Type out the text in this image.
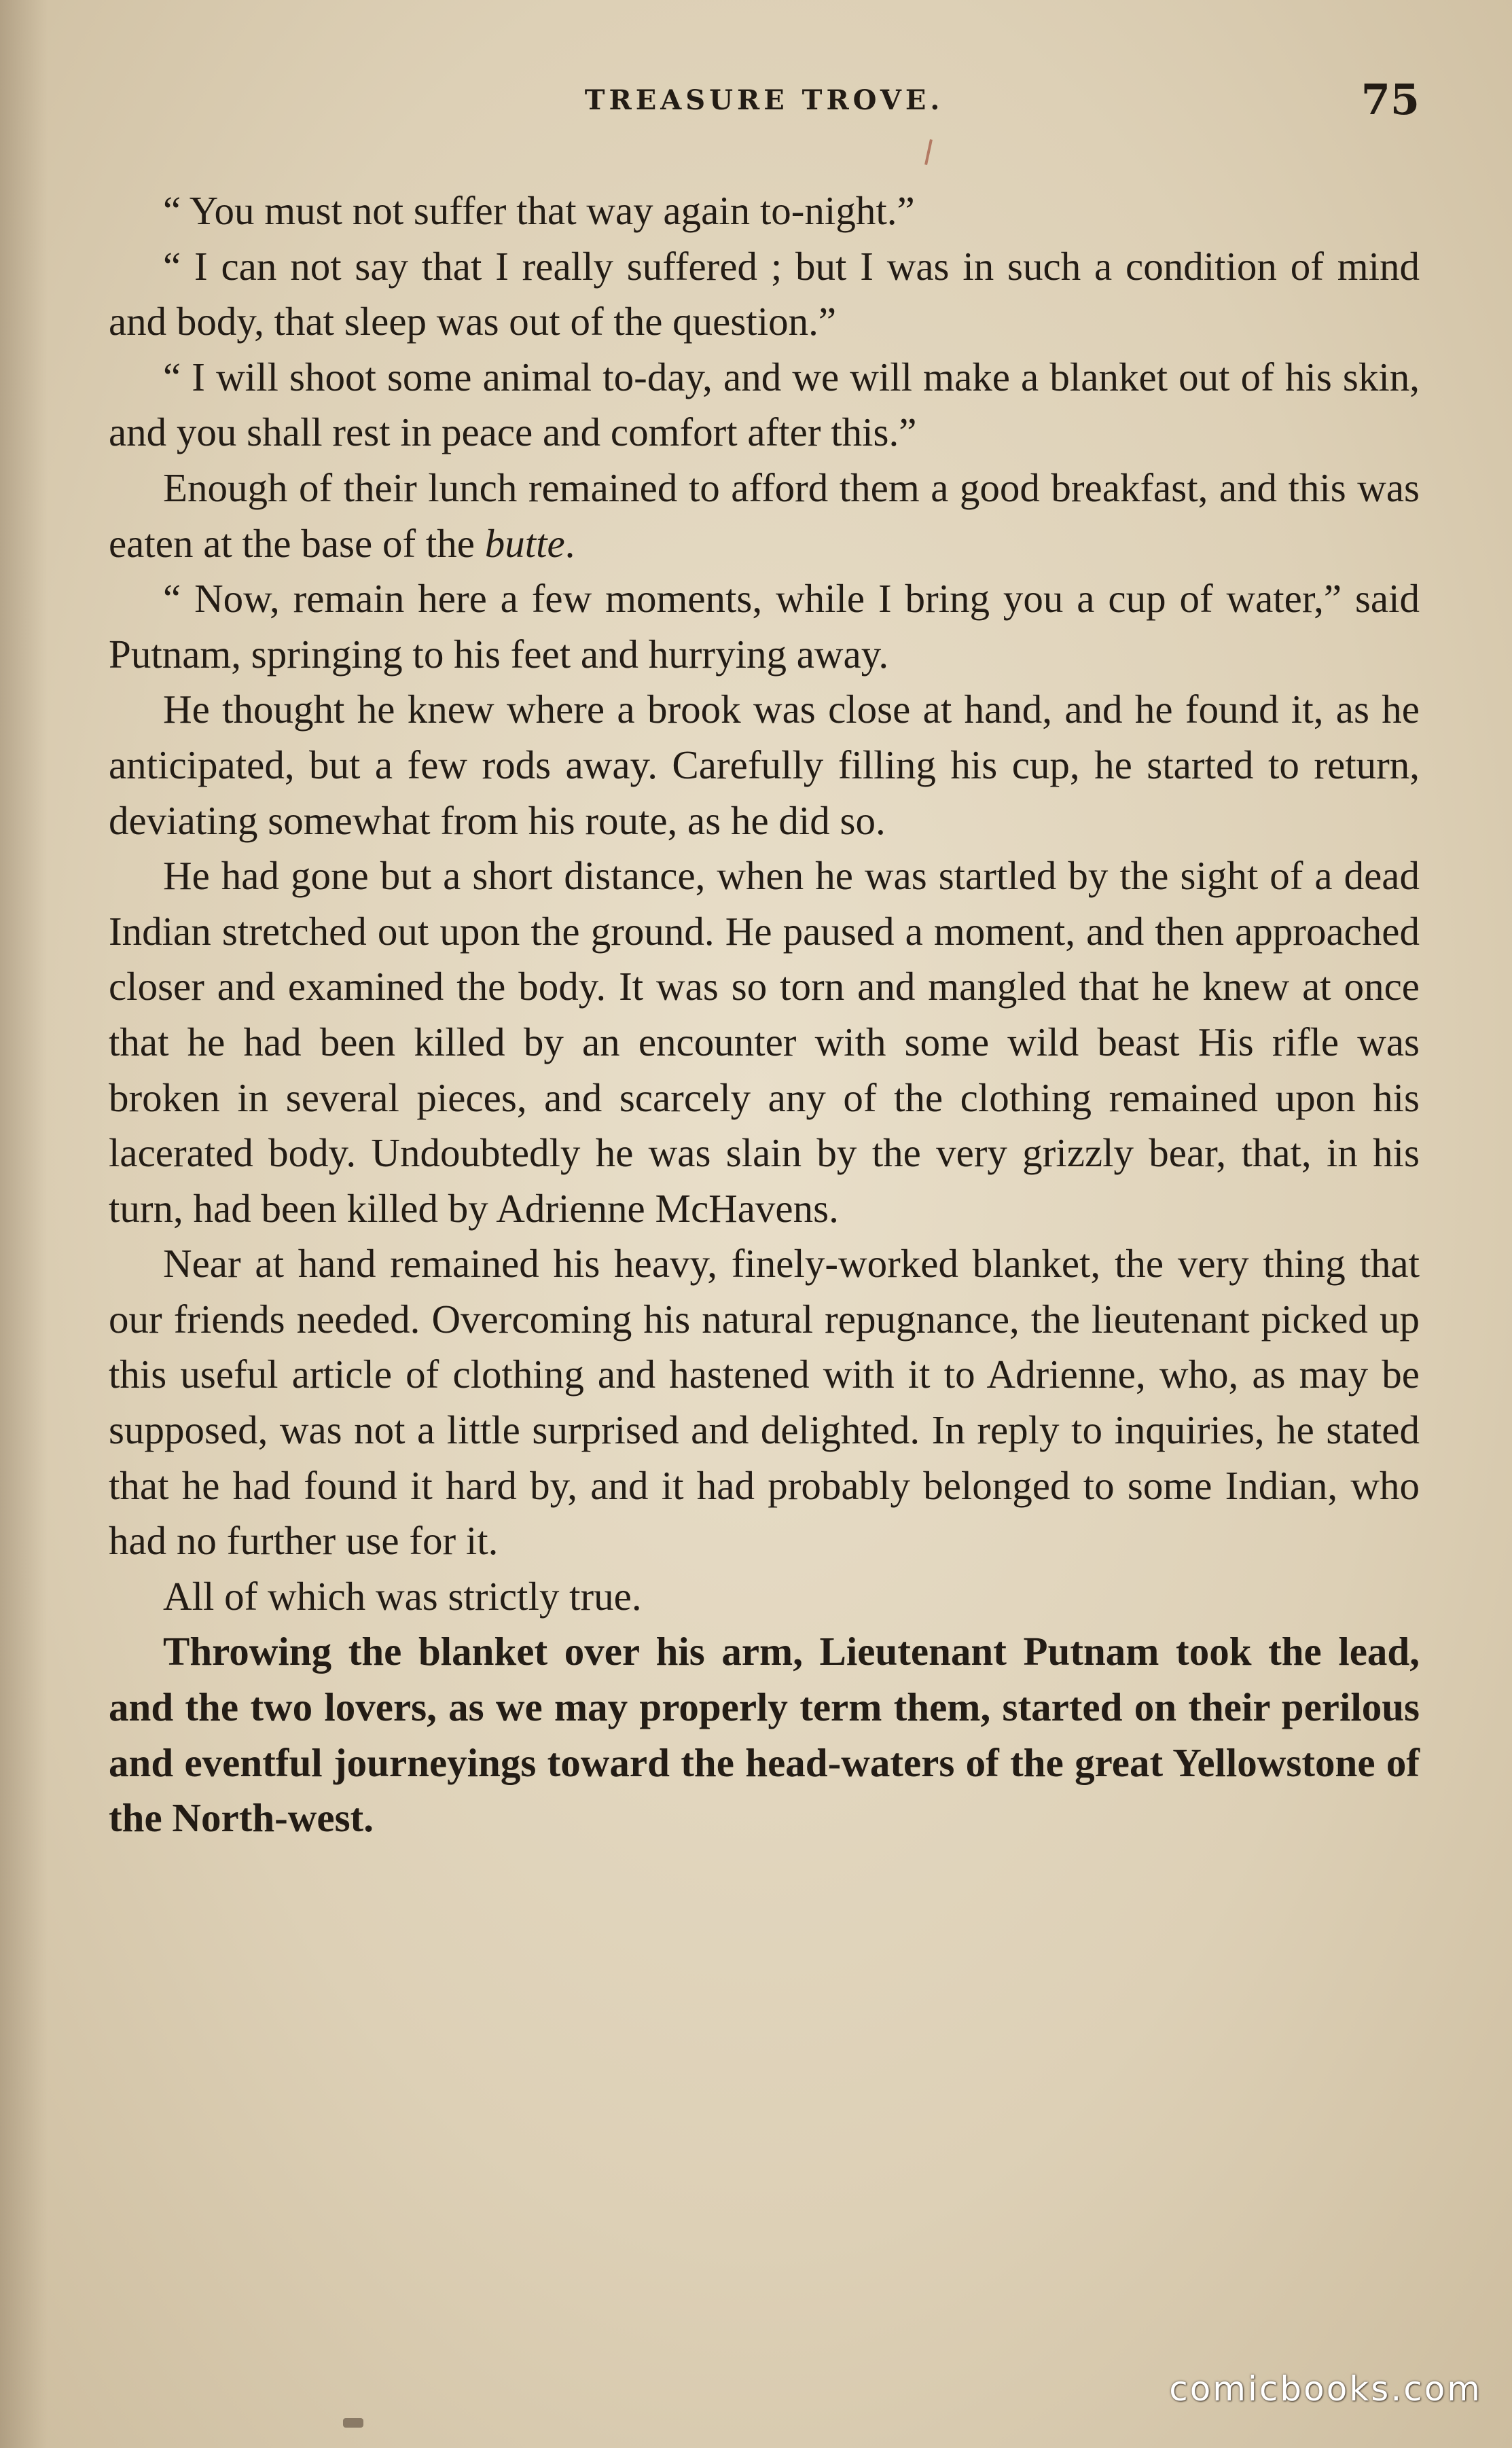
TREASURE TROVE.	75

“ You must not suffer that way again to-night.”

“ I can not say that I really suffered ; but I was in such a condition of mind and body, that sleep was out of the question.”

“ I will shoot some animal to-day, and we will make a blanket out of his skin, and you shall rest in peace and comfort after this.”

Enough of their lunch remained to afford them a good breakfast, and this was eaten at the base of the butte.

“ Now, remain here a few moments, while I bring you a cup of water,” said Putnam, springing to his feet and hurrying away.

He thought he knew where a brook was close at hand, and he found it, as he anticipated, but a few rods away. Carefully filling his cup, he started to return, deviating somewhat from his route, as he did so.

He had gone but a short distance, when he was startled by the sight of a dead Indian stretched out upon the ground. He paused a moment, and then approached closer and examined the body. It was so torn and mangled that he knew at once that he had been killed by an encounter with some wild beast His rifle was broken in several pieces, and scarcely any of the clothing remained upon his lacerated body. Undoubtedly he was slain by the very grizzly bear, that, in his turn, had been killed by Adrienne McHavens.

Near at hand remained his heavy, finely-worked blanket, the very thing that our friends needed. Overcoming his natural repugnance, the lieutenant picked up this useful article of clothing and hastened with it to Adrienne, who, as may be supposed, was not a little surprised and delighted. In reply to inquiries, he stated that he had found it hard by, and it had probably belonged to some Indian, who had no further use for it.

All of which was strictly true.

Throwing the blanket over his arm, Lieutenant Putnam took the lead, and the two lovers, as we may properly term them, started on their perilous and eventful journeyings toward the head-waters of the great Yellowstone of the North-west.

comicbooks.com
